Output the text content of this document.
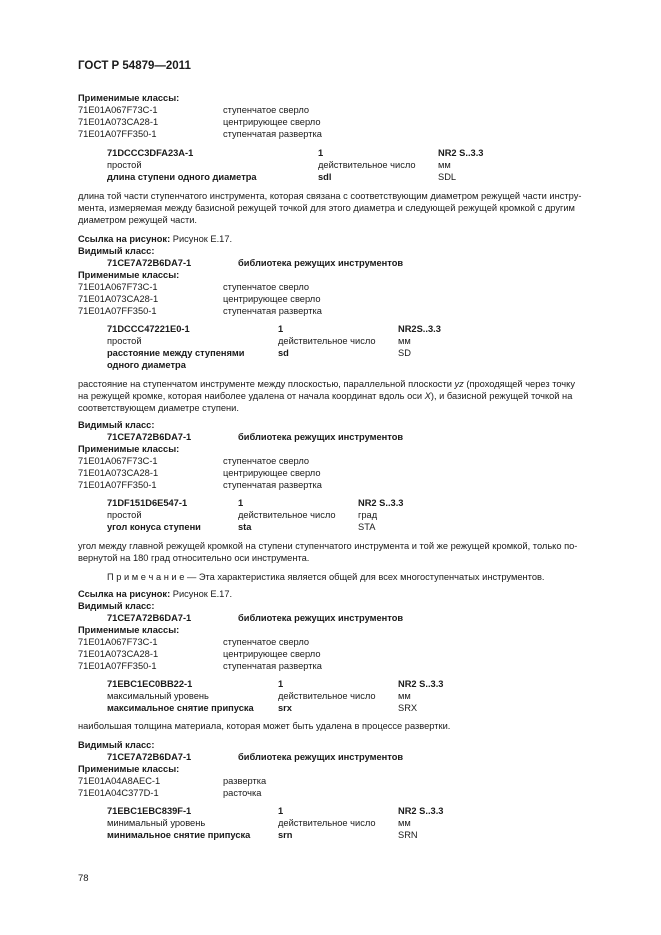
ГОСТ Р 54879—2011
Применимые классы:
71E01A067F73C-1	ступенчатое сверло
71E01A073CA28-1	центрирующее сверло
71E01A07FF350-1	ступенчатая развертка
71DCCC3DFA23A-1	1	NR2 S..3.3
простой	действительное число мм
длина ступени одного диаметра	sdl	SDL
длина той части ступенчатого инструмента, которая связана с соответствующим диаметром режущей части инстру-
мента, измеряемая между базисной режущей точкой для этого диаметра и следующей режущей кромкой с другим
диаметром режущей части.
Ссылка на рисунок: Рисунок Е.17.
Видимый класс:
71CE7A72B6DA7-1	библиотека режущих инструментов
Применимые классы:
71E01A067F73C-1	ступенчатое сверло
71E01A073CA28-1	центрирующее сверло
71E01A07FF350-1	ступенчатая развертка
71DCCC47221E0-1	1	NR2S..3.3
простой	действительное число мм
расстояние между ступенями	sd	SD
одного диаметра
расстояние на ступенчатом инструменте между плоскостью, параллельной плоскости yz (проходящей через точку
на режущей кромке, которая наиболее удалена от начала координат вдоль оси X), и базисной режущей точкой на
соответствующем диаметре ступени.
Видимый класс:
71CE7A72B6DA7-1	библиотека режущих инструментов
Применимые классы:
71E01A067F73C-1	ступенчатое сверло
71E01A073CA28-1	центрирующее сверло
71E01A07FF350-1	ступенчатая развертка
71DF151D6E547-1	1	NR2 S..3.3
простой	действительное число град
угол конуса ступени	sta	STA
угол между главной режущей кромкой на ступени ступенчатого инструмента и той же режущей кромкой, только по-
вернутой на 180 град относительно оси инструмента.
П р и м е ч а н и е — Эта характеристика является общей для всех многоступенчатых инструментов.
Ссылка на рисунок: Рисунок Е.17.
Видимый класс:
71CE7A72B6DA7-1	библиотека режущих инструментов
Применимые классы:
71E01A067F73C-1	ступенчатое сверло
71E01A073CA28-1	центрирующее сверло
71E01A07FF350-1	ступенчатая развертка
71EBC1EC0BB22-1	1	NR2 S..3.3
максимальный уровень	действительное число мм
максимальное снятие припуска	srx	SRX
наибольшая толщина материала, которая может быть удалена в процессе развертки.
Видимый класс:
71CE7A72B6DA7-1	библиотека режущих инструментов
Применимые классы:
71E01A04A8AEC-1	развертка
71E01A04C377D-1	расточка
71EBC1EBC839F-1	1	NR2 S..3.3
минимальный уровень	действительное число мм
минимальное снятие припуска	srn	SRN
78
